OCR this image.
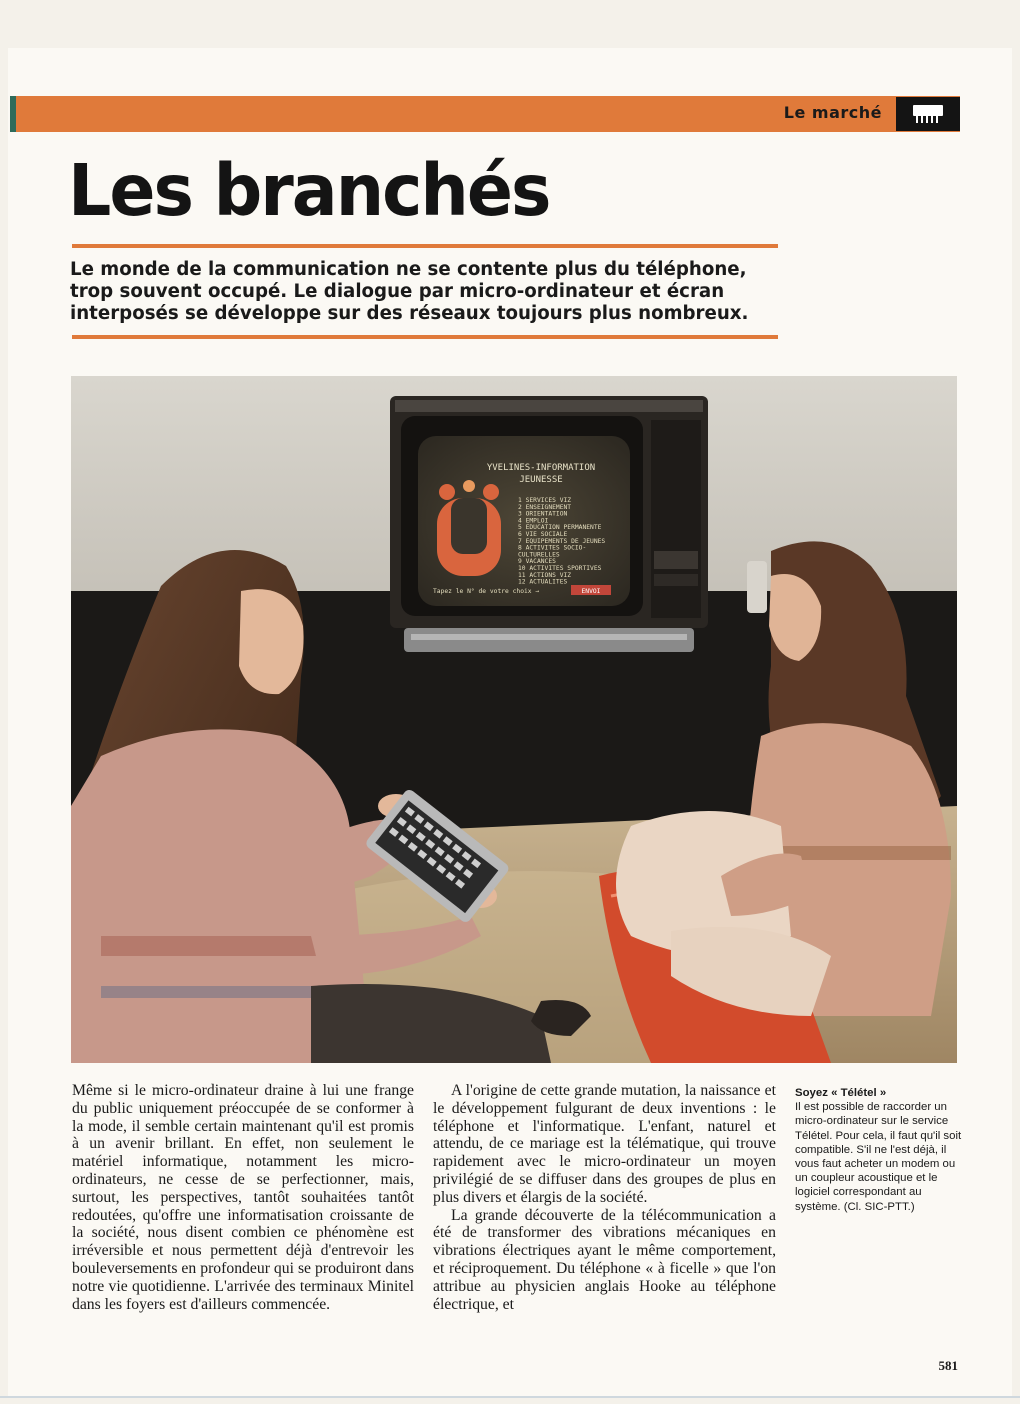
Le marché
Les branchés

Le monde de la communication ne se contente plus du téléphone, trop souvent occupé. Le dialogue par micro-ordinateur et écran interposés se développe sur des réseaux toujours plus nombreux.

YVELINES-INFORMATION
JEUNESSE
1 SERVICES VIZ
2 ENSEIGNEMENT
3 ORIENTATION
4 EMPLOI
5 EDUCATION PERMANENTE
6 VIE SOCIALE
7 EQUIPEMENTS DE JEUNES
8 ACTIVITES SOCIO-
CULTURELLES
9 VACANCES
10 ACTIVITES SPORTIVES
11 ACTIONS VIZ
12 ACTUALITES
Tapez le N° de votre choix →	ENVOI

Même si le micro-ordinateur draine à lui une frange du public uniquement préoccupée de se conformer à la mode, il semble certain maintenant qu'il est promis à un avenir brillant. En effet, non seulement le matériel informatique, notamment les micro-ordinateurs, ne cesse de se perfectionner, mais, surtout, les perspectives, tantôt souhaitées tantôt redoutées, qu'offre une informatisation croissante de la société, nous disent combien ce phénomène est irréversible et nous permettent déjà d'entrevoir les bouleversements en profondeur qui se produiront dans notre vie quotidienne. L'arrivée des terminaux Minitel dans les foyers est d'ailleurs commencée.

A l'origine de cette grande mutation, la naissance et le développement fulgurant de deux inventions : le téléphone et l'informatique. L'enfant, naturel et attendu, de ce mariage est la télématique, qui trouve rapidement avec le micro-ordinateur un moyen privilégié de se diffuser dans des groupes de plus en plus divers et élargis de la société.

La grande découverte de la télécommunication a été de transformer des vibrations mécaniques en vibrations électriques ayant le même comportement, et réciproquement. Du téléphone « à ficelle » que l'on attribue au physicien anglais Hooke au téléphone électrique, et

Soyez « Télétel »
Il est possible de raccorder un micro-ordinateur sur le service Télétel. Pour cela, il faut qu'il soit compatible. S'il ne l'est déjà, il vous faut acheter un modem ou un coupleur acoustique et le logiciel correspondant au système. (Cl. SIC-PTT.)
581
